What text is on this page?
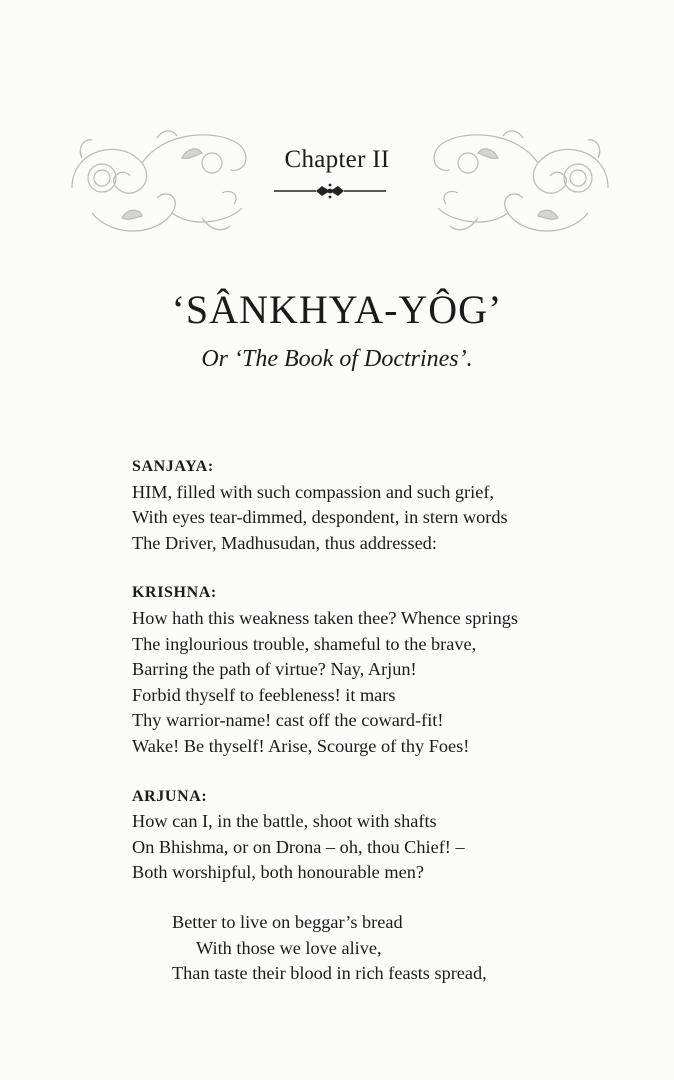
Chapter II
‘SÂNKHYA-YÔG’
Or ‘The Book of Doctrines’.

SANJAYA:

HIM, filled with such compassion and such grief,
With eyes tear-dimmed, despondent, in stern words
The Driver, Madhusudan, thus addressed:

KRISHNA:

How hath this weakness taken thee? Whence springs
The inglourious trouble, shameful to the brave,
Barring the path of virtue? Nay, Arjun!
Forbid thyself to feebleness! it mars
Thy warrior-name! cast off the coward-fit!
Wake! Be thyself! Arise, Scourge of thy Foes!

ARJUNA:

How can I, in the battle, shoot with shafts
On Bhishma, or on Drona – oh, thou Chief! –
Both worshipful, both honourable men?
Better to live on beggar’s bread
With those we love alive,
Than taste their blood in rich feasts spread,
